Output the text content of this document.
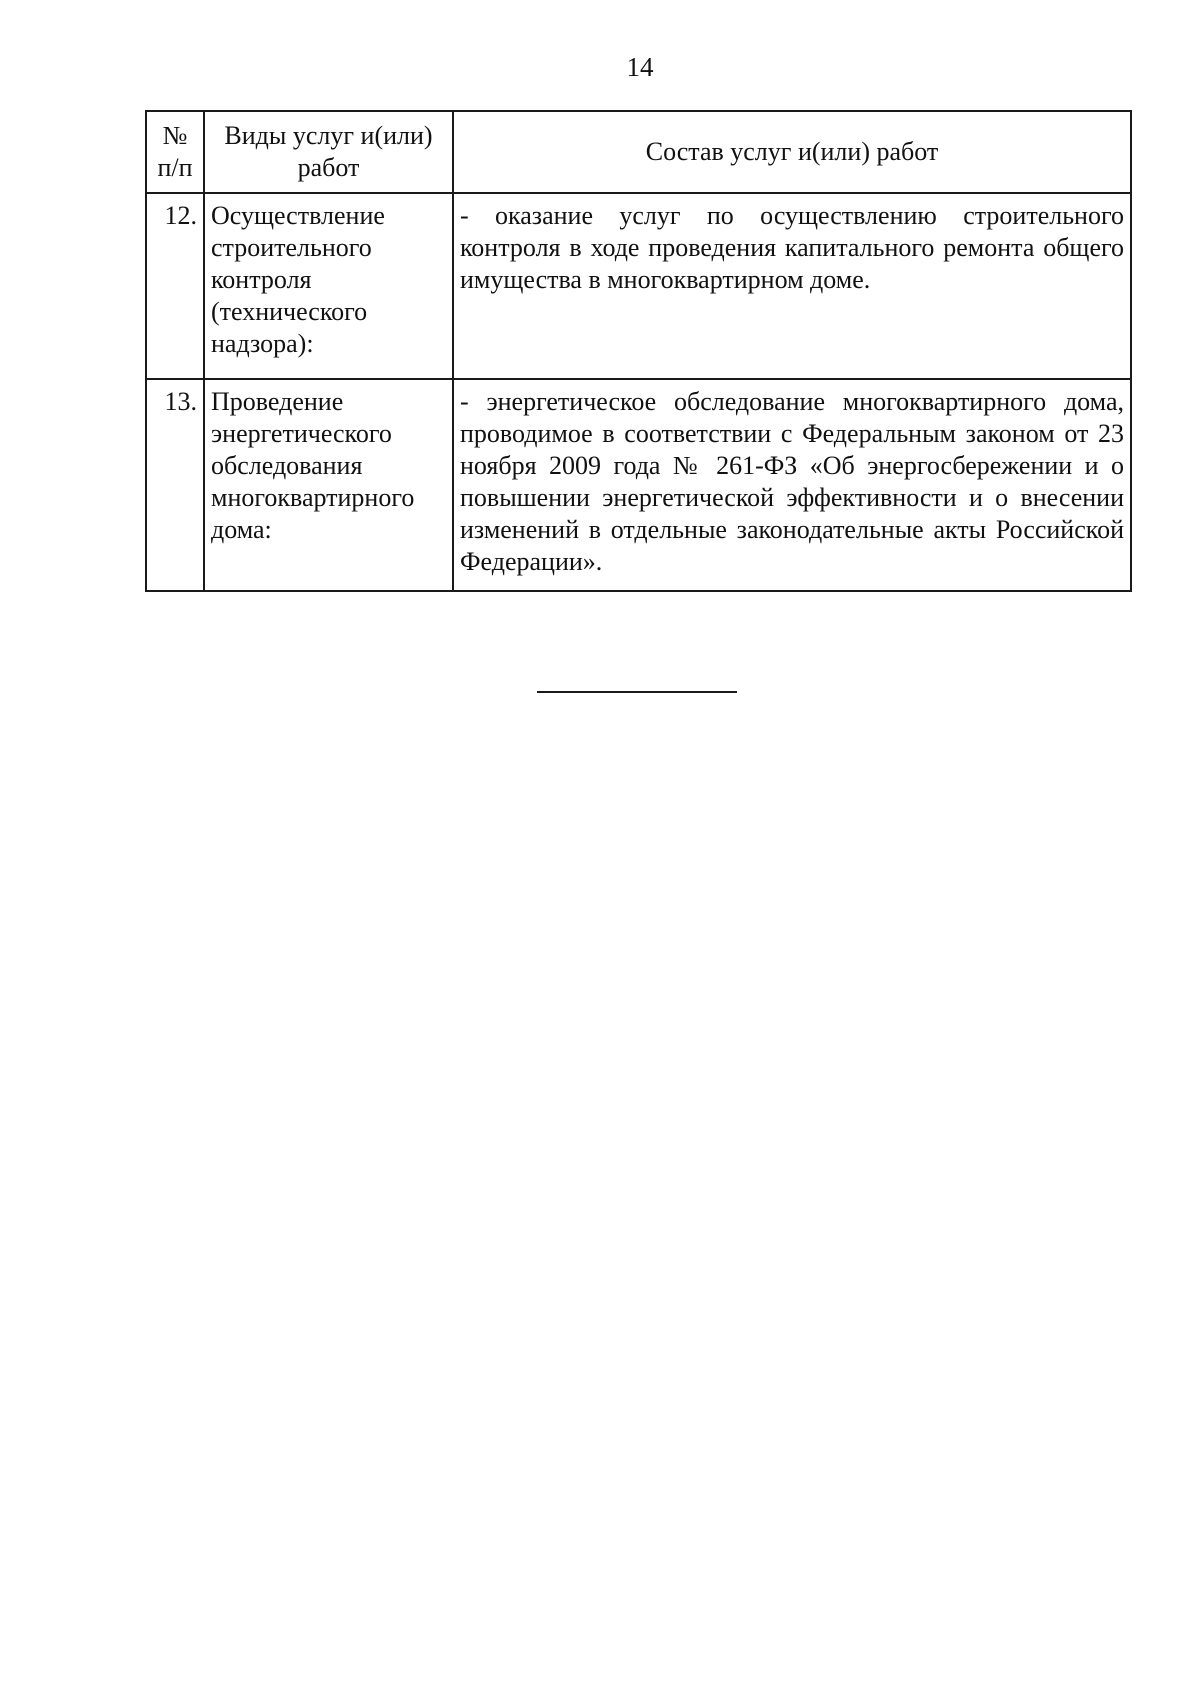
14
№ п/п	Виды услуг и(или) работ	Состав услуг и(или) работ
12.	Осуществление строительного контроля (технического надзора):	- оказание услуг по осуществлению строительного контроля в ходе проведения капитального ремонта общего имущества в многоквартирном доме.
13.	Проведение энергетического обследования многоквартирного дома:	- энергетическое обследование многоквартирного дома, проводимое в соответствии с Федеральным законом от 23 ноября 2009 года № 261-ФЗ «Об энергосбережении и о повышении энергетической эффективности и о внесении изменений в отдельные законодательные акты Российской Федерации».
